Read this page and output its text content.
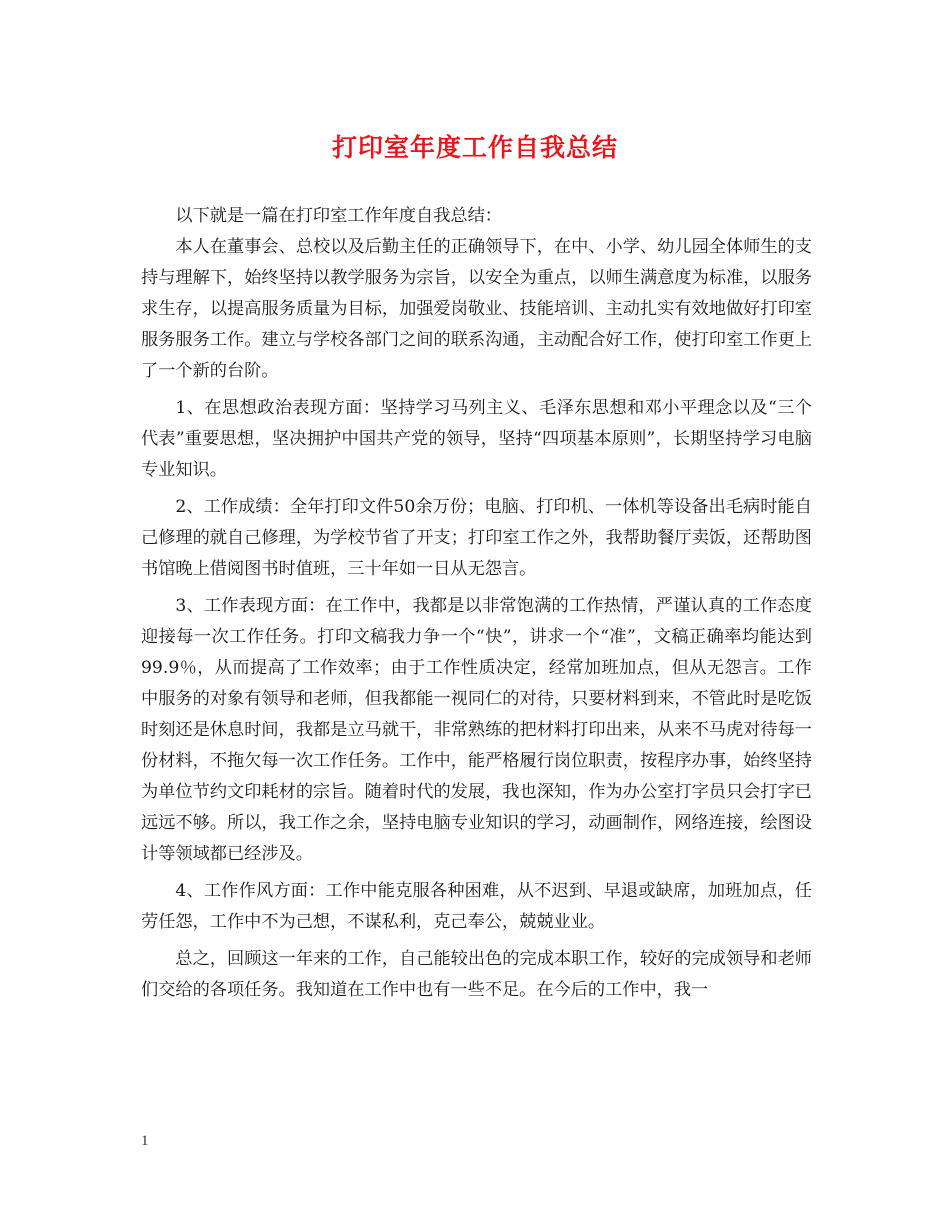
打印室年度工作自我总结

以下就是一篇在打印室工作年度自我总结：

本人在董事会、总校以及后勤主任的正确领导下，在中、小学、幼儿园全体师生的支持与理解下，始终坚持以教学服务为宗旨，以安全为重点，以师生满意度为标准，以服务求生存，以提高服务质量为目标，加强爱岗敬业、技能培训、主动扎实有效地做好打印室服务服务工作。建立与学校各部门之间的联系沟通，主动配合好工作，使打印室工作更上了一个新的台阶。

1、在思想政治表现方面：坚持学习马列主义、毛泽东思想和邓小平理念以及“三个代表”重要思想，坚决拥护中国共产党的领导，坚持“四项基本原则”，长期坚持学习电脑专业知识。

2、工作成绩：全年打印文件50余万份；电脑、打印机、一体机等设备出毛病时能自己修理的就自己修理，为学校节省了开支；打印室工作之外，我帮助餐厅卖饭，还帮助图书馆晚上借阅图书时值班，三十年如一日从无怨言。

3、工作表现方面：在工作中，我都是以非常饱满的工作热情，严谨认真的工作态度迎接每一次工作任务。打印文稿我力争一个“快”，讲求一个“准”，文稿正确率均能达到99.9％，从而提高了工作效率；由于工作性质决定，经常加班加点，但从无怨言。工作中服务的对象有领导和老师，但我都能一视同仁的对待，只要材料到来，不管此时是吃饭时刻还是休息时间，我都是立马就干，非常熟练的把材料打印出来，从来不马虎对待每一份材料，不拖欠每一次工作任务。工作中，能严格履行岗位职责，按程序办事，始终坚持为单位节约文印耗材的宗旨。随着时代的发展，我也深知，作为办公室打字员只会打字已远远不够。所以，我工作之余，坚持电脑专业知识的学习，动画制作，网络连接，绘图设计等领域都已经涉及。

4、工作作风方面：工作中能克服各种困难，从不迟到、早退或缺席，加班加点，任劳任怨，工作中不为己想，不谋私利，克己奉公，兢兢业业。

总之，回顾这一年来的工作，自己能较出色的完成本职工作，较好的完成领导和老师们交给的各项任务。我知道在工作中也有一些不足。在今后的工作中，我一

1
